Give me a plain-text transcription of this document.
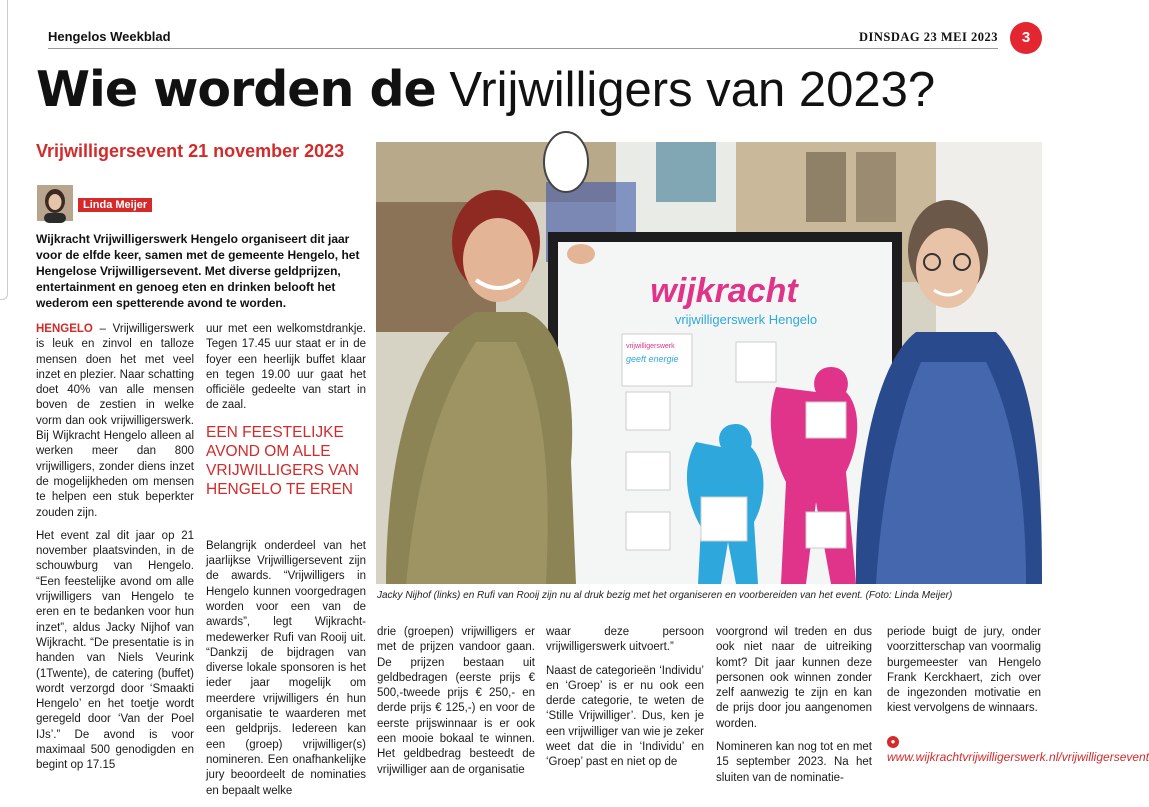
Hengelos Weekblad	DINSDAG 23 MEI 2023	3
Wie worden de Vrijwilligers van 2023?
Vrijwilligersevent 21 november 2023
Linda Meijer
Wijkracht Vrijwilligerswerk Hengelo organiseert dit jaar voor de elfde keer, samen met de gemeente Hengelo, het Hengelose Vrijwilligersevent. Met diverse geldprijzen, entertainment en genoeg eten en drinken belooft het wederom een spetterende avond te worden.

HENGELO – Vrijwilligerswerk is leuk en zinvol en talloze mensen doen het met veel inzet en plezier. Naar schatting doet 40% van alle mensen boven de zestien in welke vorm dan ook vrijwilligerswerk. Bij Wijkracht Hengelo alleen al werken meer dan 800 vrijwilligers, zonder diens inzet de mogelijkheden om mensen te helpen een stuk beperkter zouden zijn.

Het event zal dit jaar op 21 november plaatsvinden, in de schouwburg van Hengelo. “Een feestelijke avond om alle vrijwilligers van Hengelo te eren en te bedanken voor hun inzet”, aldus Jacky Nijhof van Wijkracht. “De presentatie is in handen van Niels Veurink (1Twente), de catering (buffet) wordt verzorgd door ‘Smaakti Hengelo’ en het toetje wordt geregeld door ‘Van der Poel IJs’.” De avond is voor maximaal 500 genodigden en begint op 17.15

uur met een welkomstdrankje. Tegen 17.45 uur staat er in de foyer een heerlijk buffet klaar en tegen 19.00 uur gaat het officiële gedeelte van start in de zaal.

Belangrijk onderdeel van het jaarlijkse Vrijwilligersevent zijn de awards. “Vrijwilligers in Hengelo kunnen voorgedragen worden voor een van de awards”, legt Wijkracht-medewerker Rufi van Rooij uit. “Dankzij de bijdragen van diverse lokale sponsoren is het ieder jaar mogelijk om meerdere vrijwilligers én hun organisatie te waarderen met een geldprijs. Iedereen kan een (groep) vrijwilliger(s) nomineren. Een onafhankelijke jury beoordeelt de nominaties en bepaalt welke

EEN FEESTELIJKE AVOND OM ALLE VRIJWILLIGERS VAN HENGELO TE EREN

drie (groepen) vrijwilligers er met de prijzen vandoor gaan. De prijzen bestaan uit geldbedragen (eerste prijs € 500,-tweede prijs € 250,- en derde prijs € 125,-) en voor de eerste prijswinnaar is er ook een mooie bokaal te winnen. Het geldbedrag besteedt de vrijwilliger aan de organisatie

waar deze persoon vrijwilligerswerk uitvoert.”

Naast de categorieën ‘Individu’ en ‘Groep’ is er nu ook een derde categorie, te weten de ‘Stille Vrijwilliger’. Dus, ken je een vrijwilliger van wie je zeker weet dat die in ‘Individu’ en ‘Groep’ past en niet op de

voorgrond wil treden en dus ook niet naar de uitreiking komt? Dit jaar kunnen deze personen ook winnen zonder zelf aanwezig te zijn en kan de prijs door jou aangenomen worden.

Nomineren kan nog tot en met 15 september 2023. Na het sluiten van de nominatie-

periode buigt de jury, onder voorzitterschap van voormalig burgemeester van Hengelo Frank Kerckhaert, zich over de ingezonden motivatie en kiest vervolgens de winnaars.

●www.wijkrachtvrijwilligerswerk.nl/vrijwilligersevent
wijkracht
vrijwilligerswerk Hengelo
vrijwilligerswerk
geeft energie
Jacky Nijhof (links) en Rufi van Rooij zijn nu al druk bezig met het organiseren en voorbereiden van het event. (Foto: Linda Meijer)
